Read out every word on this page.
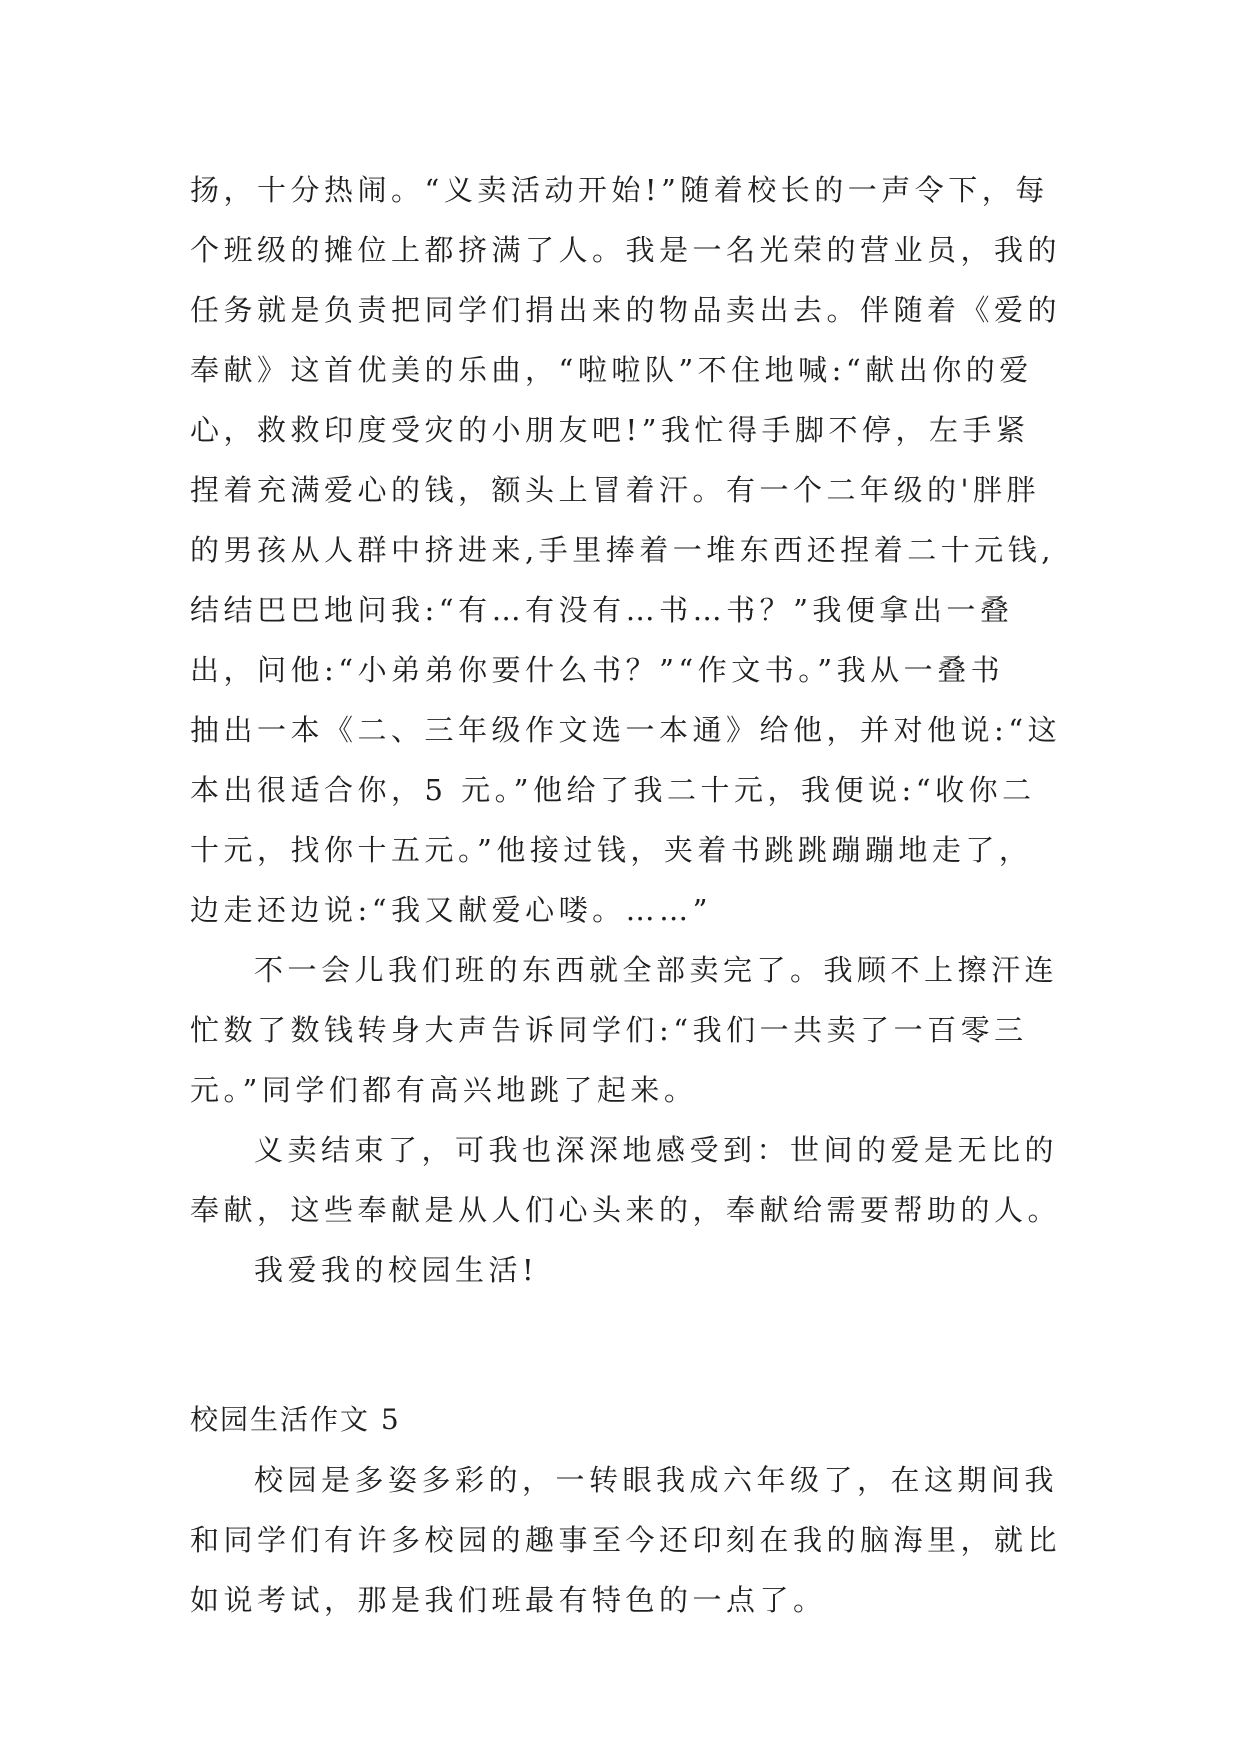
扬，十分热闹。“义卖活动开始!”随着校长的一声令下，每
个班级的摊位上都挤满了人。我是一名光荣的营业员，我的
任务就是负责把同学们捐出来的物品卖出去。伴随着《爱的
奉献》这首优美的乐曲，“啦啦队”不住地喊:“献出你的爱
心，救救印度受灾的小朋友吧!”我忙得手脚不停，左手紧
捏着充满爱心的钱，额头上冒着汗。有一个二年级的'胖胖
的男孩从人群中挤进来,手里捧着一堆东西还捏着二十元钱,
结结巴巴地问我:“有…有没有…书…书？”我便拿出一叠
出，问他:“小弟弟你要什么书？”“作文书。”我从一叠书
抽出一本《二、三年级作文选一本通》给他，并对他说:“这
本出很适合你，5 元。”他给了我二十元，我便说:“收你二
十元，找你十五元。”他接过钱，夹着书跳跳蹦蹦地走了，
边走还边说:“我又献爱心喽。……”
不一会儿我们班的东西就全部卖完了。我顾不上擦汗连
忙数了数钱转身大声告诉同学们:“我们一共卖了一百零三
元。”同学们都有高兴地跳了起来。
义卖结束了，可我也深深地感受到：世间的爱是无比的
奉献，这些奉献是从人们心头来的，奉献给需要帮助的人。
我爱我的校园生活!
校园生活作文 5
校园是多姿多彩的，一转眼我成六年级了，在这期间我
和同学们有许多校园的趣事至今还印刻在我的脑海里，就比
如说考试，那是我们班最有特色的一点了。
